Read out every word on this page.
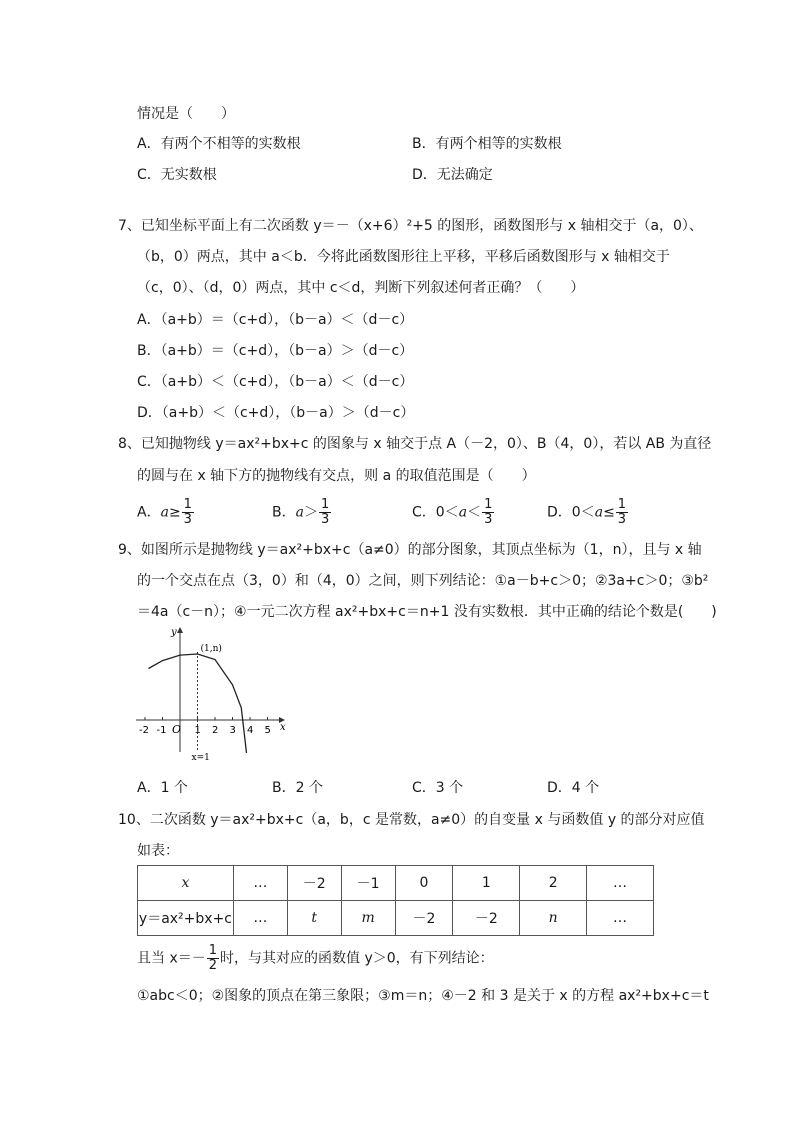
情况是（　　）
A．有两个不相等的实数根	B．有两个相等的实数根
C．无实数根	D．无法确定
7、已知坐标平面上有二次函数 y＝－（x+6）²+5 的图形，函数图形与 x 轴相交于（a，0）、
（b，0）两点，其中 a＜b．今将此函数图形往上平移，平移后函数图形与 x 轴相交于
（c，0）、（d，0）两点，其中 c＜d，判断下列叙述何者正确？（　　）
A．（a+b）＝（c+d），（b－a）＜（d－c）
B．（a+b）＝（c+d），（b－a）＞（d－c）
C．（a+b）＜（c+d），（b－a）＜（d－c）
D．（a+b）＜（c+d），（b－a）＞（d－c）
8、已知抛物线 y＝ax²+bx+c 的图象与 x 轴交于点 A（－2，0）、B（4，0），若以 AB 为直径
的圆与在 x 轴下方的抛物线有交点，则 a 的取值范围是（　　）
A．$a\ge \frac{1}{3}$	B．$a> \frac{1}{3}$	C．$0<a< \frac{1}{3}$	D．$0<a\le \frac{1}{3}$
9、如图所示是抛物线 y＝ax²+bx+c（a≠0）的部分图象，其顶点坐标为（1，n），且与 x 轴
的一个交点在点（3，0）和（4，0）之间，则下列结论：①a－b+c＞0；②3a+c＞0；③b²
＝4a（c－n）；④一元二次方程 ax²+bx+c＝n+1 没有实数根．其中正确的结论个数是(　　)
y
x
O
-2 -1	1 2 3 4 5
(1,n)
x=1
A．1 个	B．2 个	C．3 个	D．4 个
10、二次函数 y＝ax²+bx+c（a，b，c 是常数，a≠0）的自变量 x 与函数值 y 的部分对应值
如表：
x	…	－2	－1	0	1	2	…
y＝ax²+bx+c	…	t	m	－2	－2	n	…
且当 $x=- \frac{1}{2}$ 时，与其对应的函数值 y＞0，有下列结论：
①abc＜0；②图象的顶点在第三象限；③m＝n；④－2 和 3 是关于 x 的方程 ax²+bx+c＝t
